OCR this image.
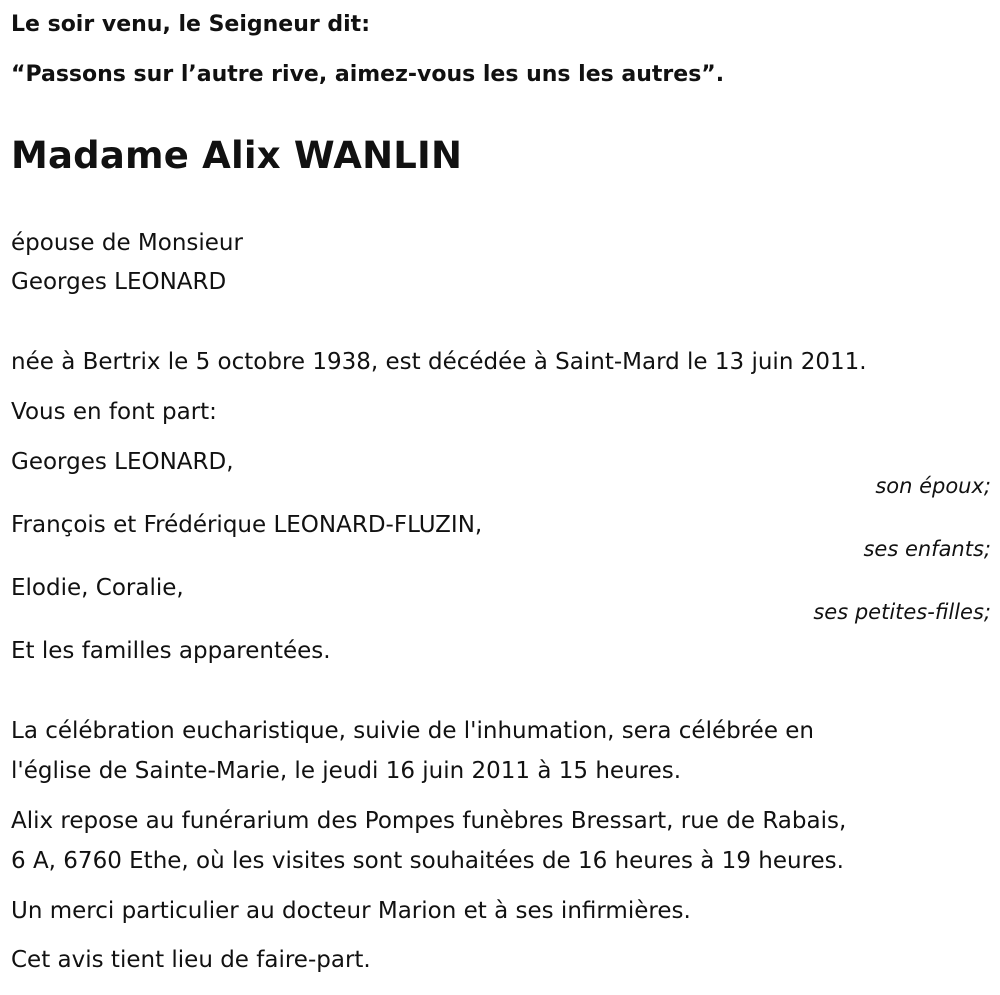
Le soir venu, le Seigneur dit:

“Passons sur l’autre rive, aimez-vous les uns les autres”.

Madame Alix WANLIN

épouse de Monsieur

Georges LEONARD

née à Bertrix le 5 octobre 1938, est décédée à Saint-Mard le 13 juin 2011.

Vous en font part:

Georges LEONARD,

son époux;

François et Frédérique LEONARD-FLUZIN,

ses enfants;

Elodie, Coralie,

ses petites-filles;

Et les familles apparentées.

La célébration eucharistique, suivie de l'inhumation, sera célébrée en

l'église de Sainte-Marie, le jeudi 16 juin 2011 à 15 heures.

Alix repose au funérarium des Pompes funèbres Bressart, rue de Rabais,

6 A, 6760 Ethe, où les visites sont souhaitées de 16 heures à 19 heures.

Un merci particulier au docteur Marion et à ses infirmières.

Cet avis tient lieu de faire-part.
